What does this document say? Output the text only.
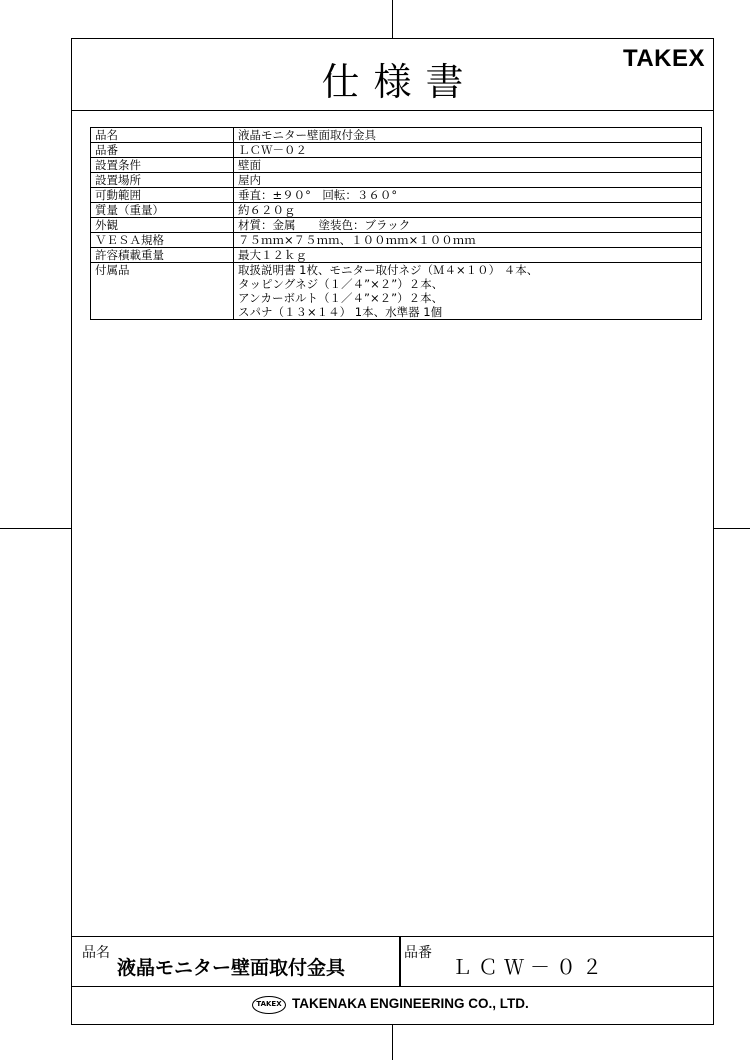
仕様書
TAKEX
品名	液晶モニター壁面取付金具

品番	ＬＣＷ－０２

設置条件	壁面

設置場所	屋内

可動範囲	垂直：±９０°　回転：３６０°

質量（重量）	約６２０ｇ

外観	材質：金属　　塗装色：ブラック

ＶＥＳＡ規格	７５ｍｍ×７５ｍｍ、１００ｍｍ×１００ｍｍ

許容積載重量	最大１２ｋｇ

付属品	取扱説明書 1枚、モニター取付ネジ（Ｍ４×１０） ４本、
タッピングネジ（１／４”×２”）２本、
アンカーボルト（１／４”×２”）２本、
スパナ（１３×１４） 1本、水準器 1個
品名
液晶モニター壁面取付金具
品番
ＬＣＷ－０２
TAKEX TAKENAKA ENGINEERING CO., LTD.
